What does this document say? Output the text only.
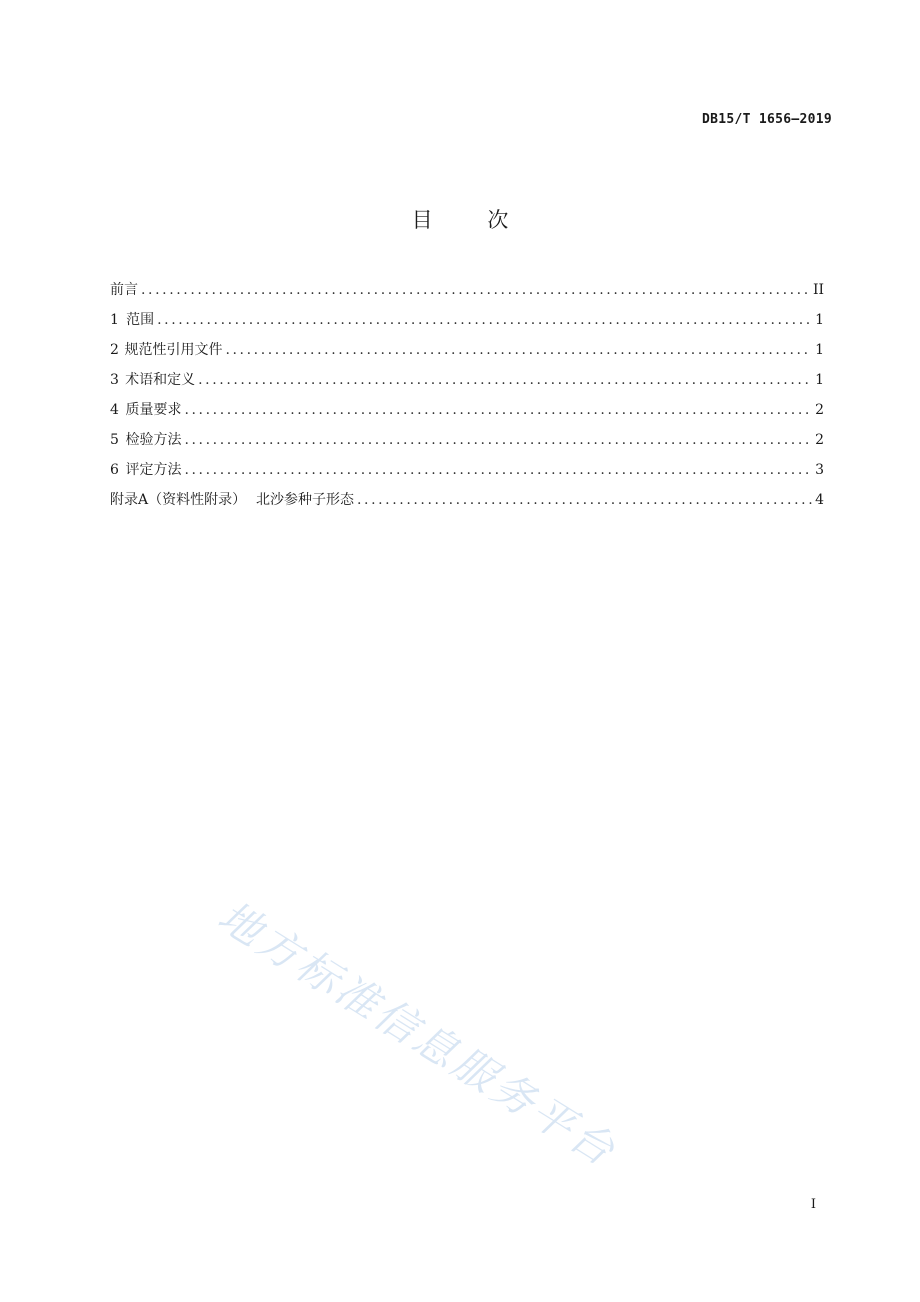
DB15/T 1656—2019
目 次
前言 .....	II
1 范围 .....	1
2 规范性引用文件 .....	1
3 术语和定义 .....	1
4 质量要求 .....	2
5 检验方法 .....	2
6 评定方法 .....	3
附录A（资料性附录） 北沙参种子形态 .....	4
地方标准信息服务平台
I
